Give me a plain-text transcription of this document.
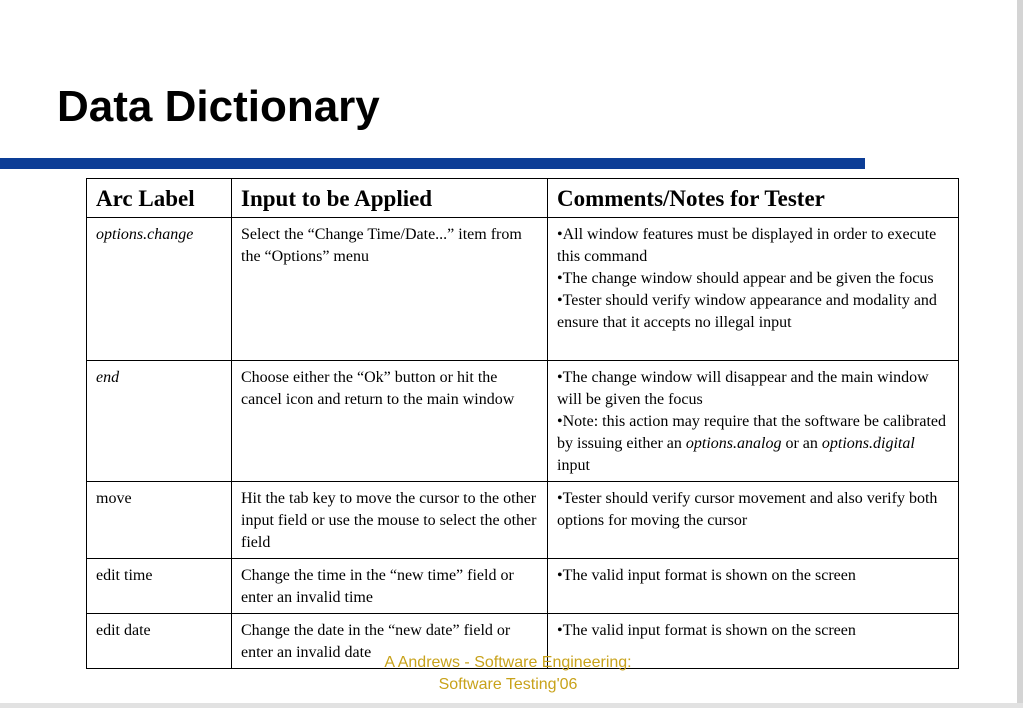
Data Dictionary
Arc Label	Input to be Applied	Comments/Notes for Tester
options.change	Select the “Change Time/Date...” item from the “Options” menu	•All window features must be displayed in order to execute this command
•The change window should appear and be given the focus
•Tester should verify window appearance and modality and ensure that it accepts no illegal input

end	Choose either the “Ok” button or hit the cancel icon and return to the main window	•The change window will disappear and the main window will be given the focus
•Note: this action may require that the software be calibrated by issuing either an options.analog or an options.digital input

move	Hit the tab key to move the cursor to the other input field or use the mouse to select the other field	•Tester should verify cursor movement and also verify both options for moving the cursor

edit time	Change the time in the “new time” field or enter an invalid time	•The valid input format is shown on the screen

edit date	Change the date in the “new date” field or enter an invalid date	•The valid input format is shown on the screen
A Andrews - Software Engineering:
Software Testing'06
